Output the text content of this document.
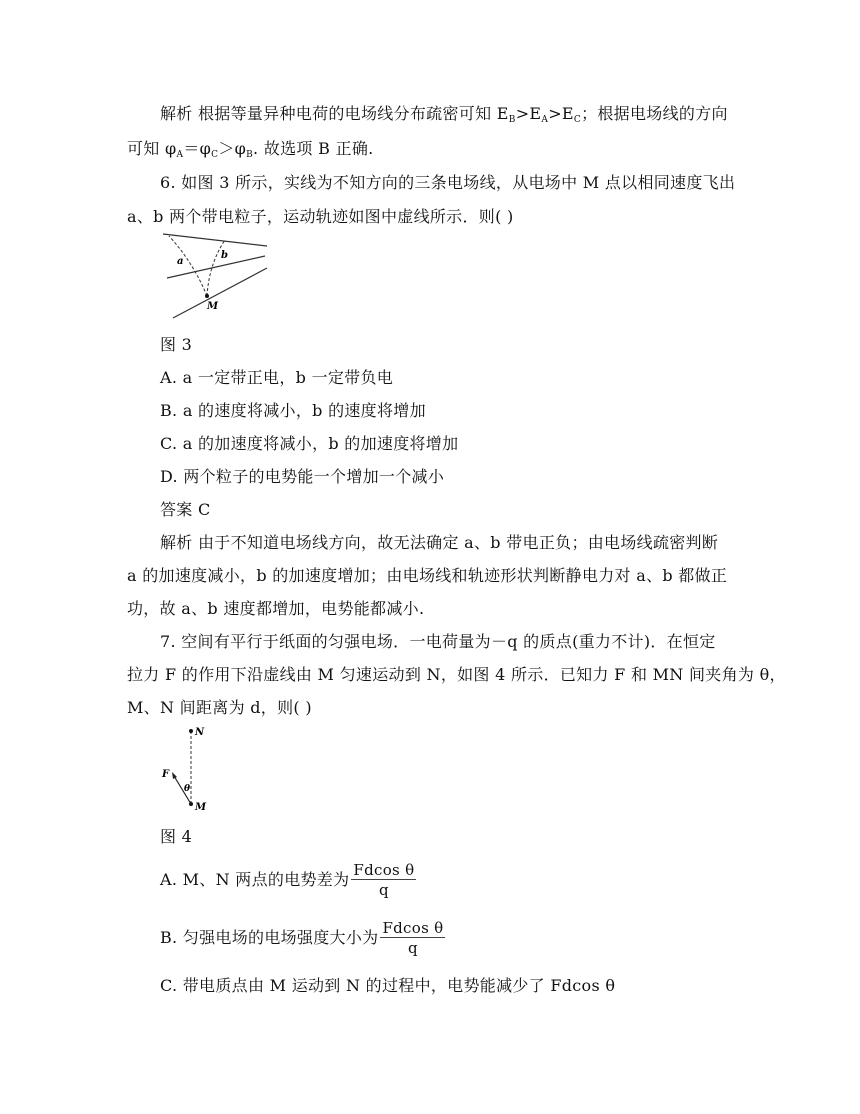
解析 根据等量异种电荷的电场线分布疏密可知 $E_B>E_A>E_C$；根据电场线的方向
可知 $\varphi_A=\varphi_C>\varphi_B$. 故选项 B 正确.
6. 如图 3 所示，实线为不知方向的三条电场线，从电场中 M 点以相同速度飞出
a、b 两个带电粒子，运动轨迹如图中虚线所示．则( )
a
b
M
图 3
A. a 一定带正电，b 一定带负电
B. a 的速度将减小，b 的速度将增加
C. a 的加速度将减小，b 的加速度将增加
D. 两个粒子的电势能一个增加一个减小
答案 C
解析 由于不知道电场线方向，故无法确定 a、b 带电正负；由电场线疏密判断
a 的加速度减小，b 的加速度增加；由电场线和轨迹形状判断静电力对 a、b 都做正
功，故 a、b 速度都增加，电势能都减小.
7. 空间有平行于纸面的匀强电场．一电荷量为－q 的质点(重力不计)．在恒定
拉力 F 的作用下沿虚线由 M 匀速运动到 N，如图 4 所示．已知力 F 和 MN 间夹角为 θ，
M、N 间距离为 d，则( )
N
F
θ
M
图 4
A. M、N 两点的电势差为 $\frac{\text{Fdcos θ}}{q}$
B. 匀强电场的电场强度大小为 $\frac{\text{Fdcos θ}}{q}$
C. 带电质点由 M 运动到 N 的过程中，电势能减少了 Fdcos θ
